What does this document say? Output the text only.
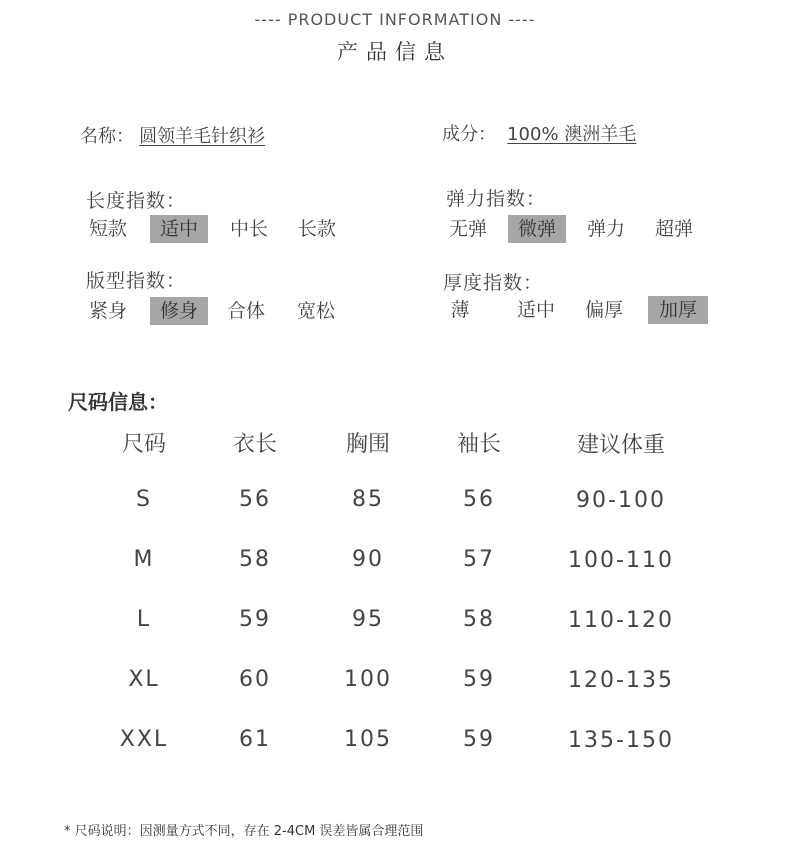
---- PRODUCT INFORMATION ----
产品信息
名称： 圆领羊毛针织衫	成分： 100% 澳洲羊毛
长度指数：
短款	适中	中长	长款
弹力指数：
无弹	微弹	弹力	超弹
版型指数：
紧身	修身	合体	宽松
厚度指数：
薄	适中	偏厚	加厚
尺码信息：
尺码	衣长	胸围	袖长	建议体重
S	56	85	56	90-100
M	58	90	57	100-110
L	59	95	58	110-120
XL	60	100	59	120-135
XXL	61	105	59	135-150
* 尺码说明：因测量方式不同，存在 2-4CM 误差皆属合理范围
